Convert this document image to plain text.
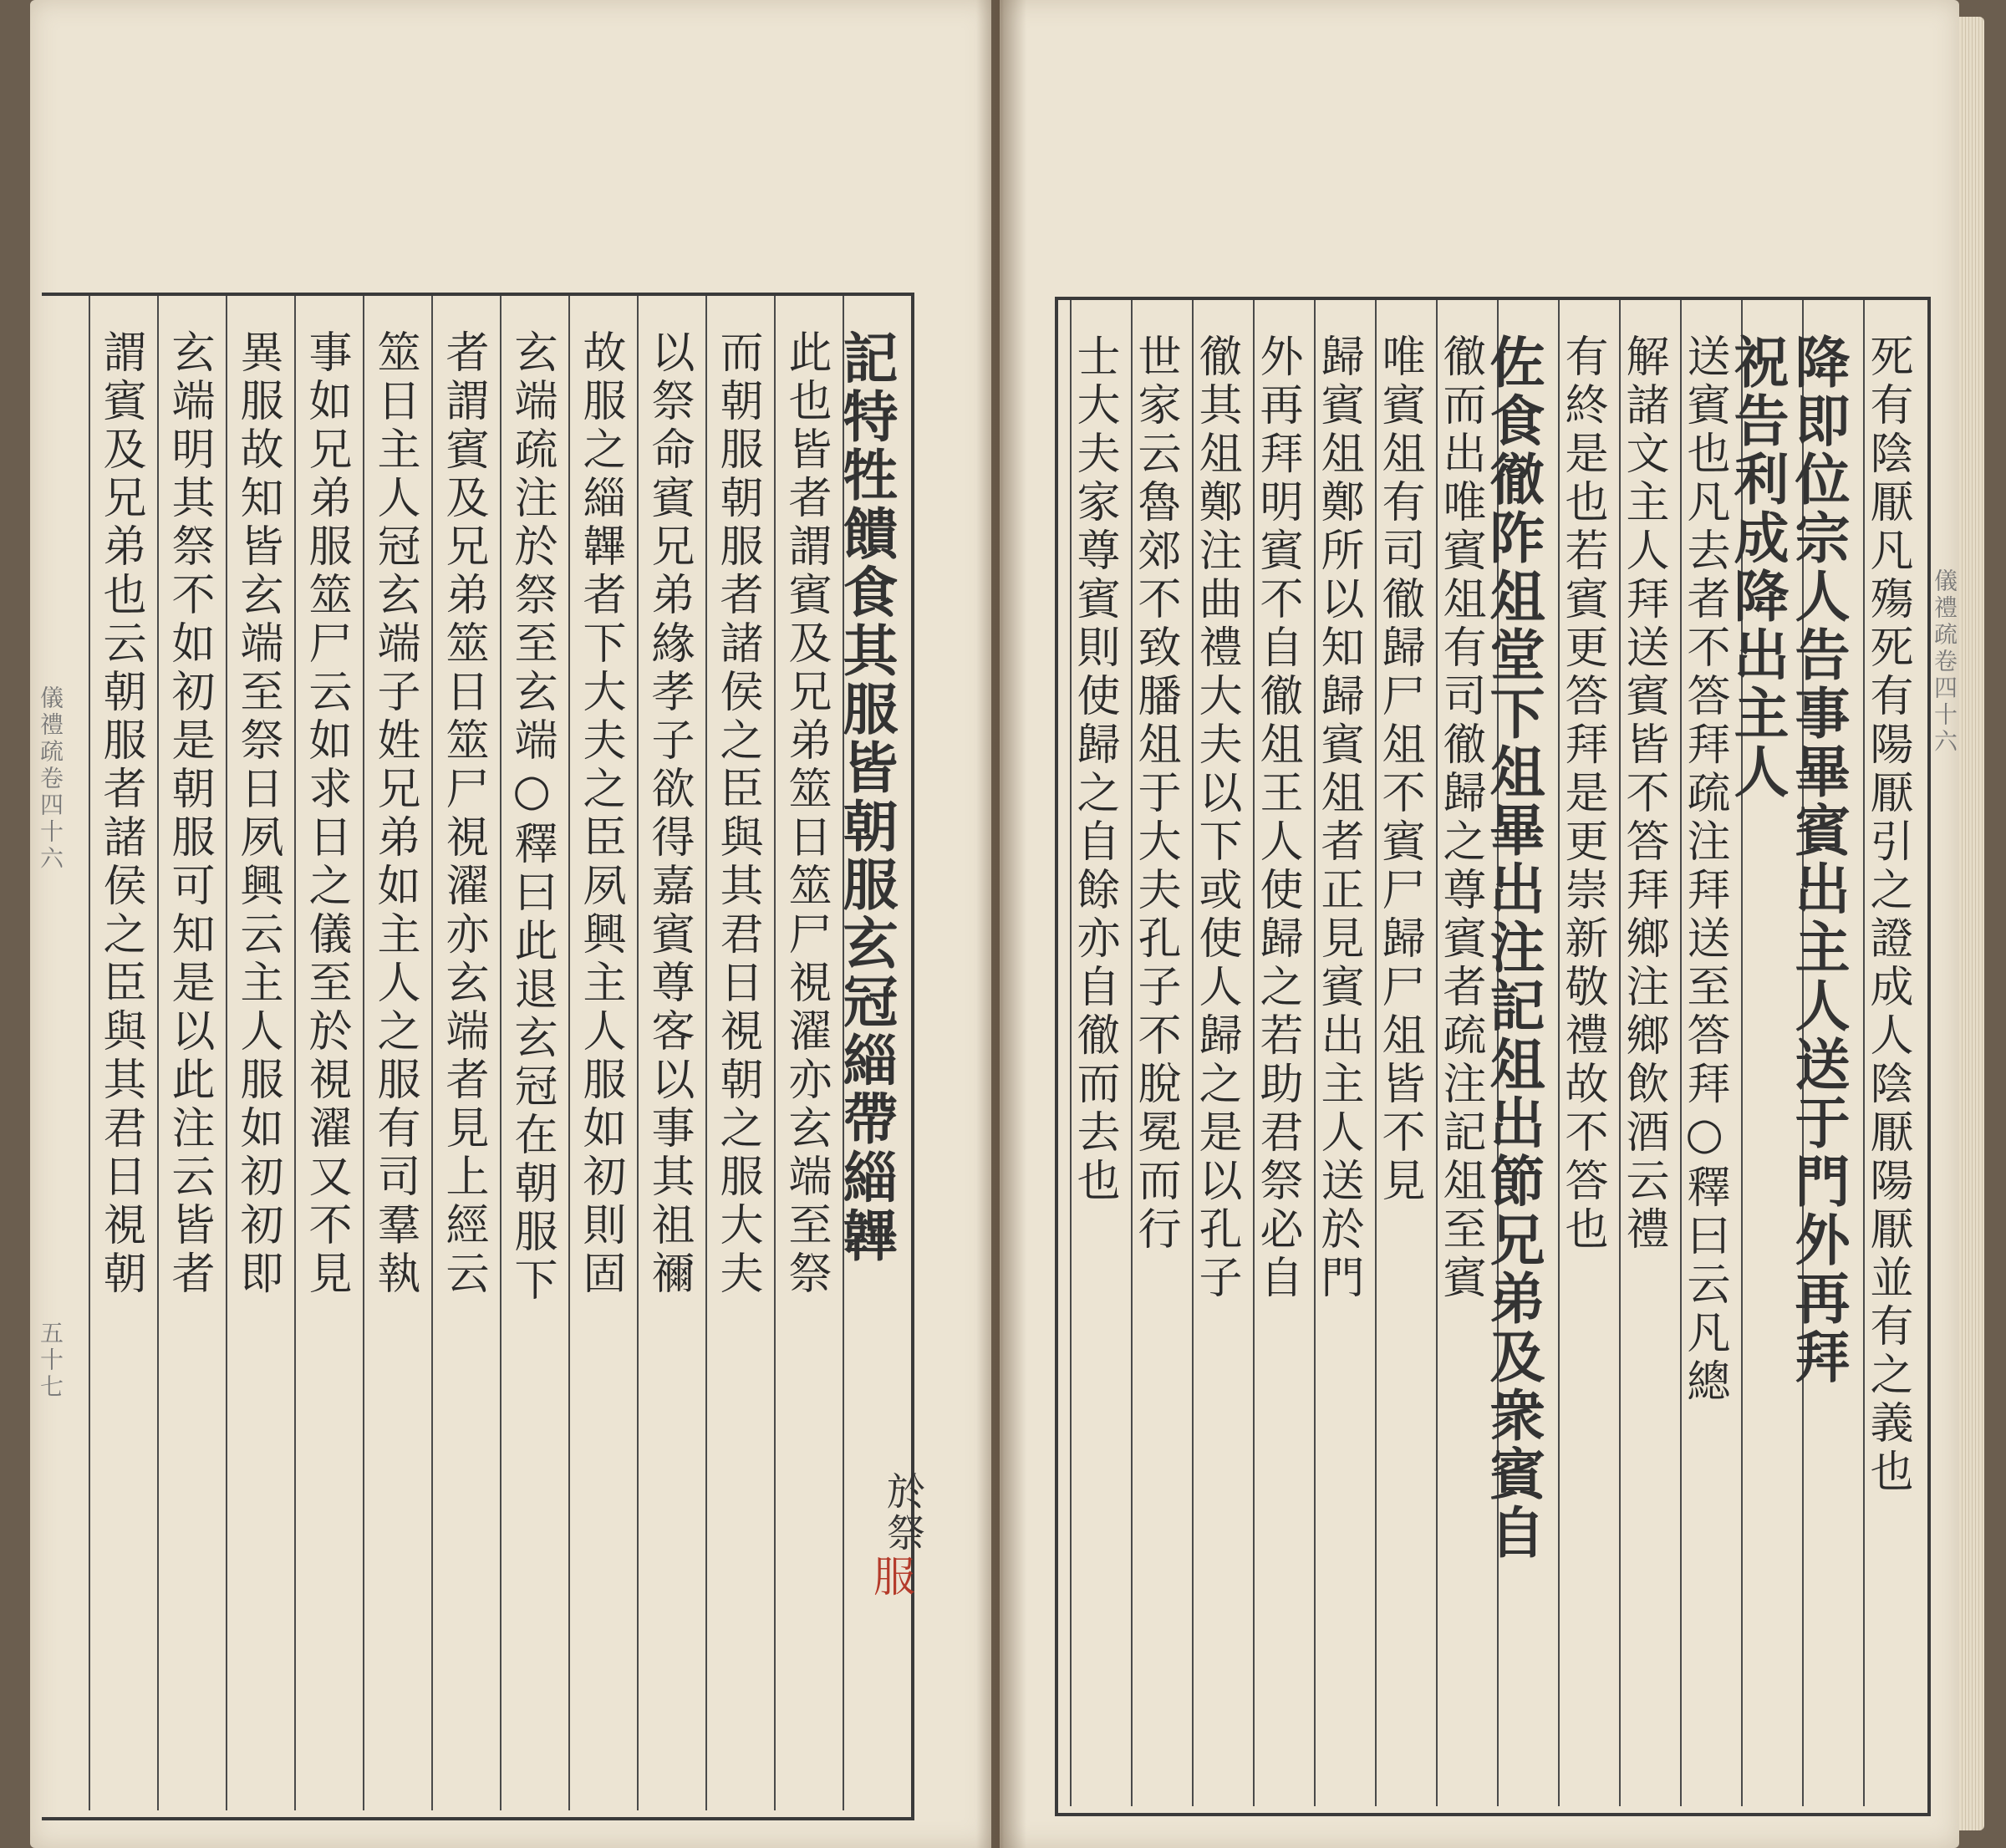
記特牲饋食其服皆朝服玄冠緇帶緇韠
此也皆者謂賓及兄弟筮日筮尸視濯亦玄端至祭
而朝服朝服者諸侯之臣與其君日視朝之服大夫
以祭命賓兄弟緣孝子欲得嘉賓尊客以事其祖禰
故服之緇韠者下大夫之臣夙興主人服如初則固
玄端疏注於祭至玄端○釋曰此退玄冠在朝服下
者謂賓及兄弟筮日筮尸視濯亦玄端者見上經云
筮日主人冠玄端子姓兄弟如主人之服有司羣執
事如兄弟服筮尸云如求日之儀至於視濯又不見
異服故知皆玄端至祭日夙興云主人服如初初即
玄端明其祭不如初是朝服可知是以此注云皆者
謂賓及兄弟也云朝服者諸侯之臣與其君日視朝	死有陰厭凡殤死有陽厭引之證成人陰厭陽厭並有之義也
降即位宗人告事畢賓出主人送于門外再拜
祝告利成降出主人
送賓也凡去者不答拜疏注拜送至答拜○釋曰云凡總
解諸文主人拜送賓皆不答拜鄉注鄉飲酒云禮
有終是也若賓更答拜是更崇新敬禮故不答也
佐食徹阼俎堂下俎畢出注記俎出節兄弟及衆賓自
徹而出唯賓俎有司徹歸之尊賓者疏注記俎至賓
唯賓俎有司徹歸尸俎不賓尸歸尸俎皆不見
歸賓俎鄭所以知歸賓俎者正見賓出主人送於門
外再拜明賓不自徹俎王人使歸之若助君祭必自
徹其俎鄭注曲禮大夫以下或使人歸之是以孔子
世家云魯郊不致膰俎于大夫孔子不脫冕而行
士大夫家尊賓則使歸之自餘亦自徹而去也
服
於祭
儀禮疏卷四十六
五十七
儀禮疏卷四十六
